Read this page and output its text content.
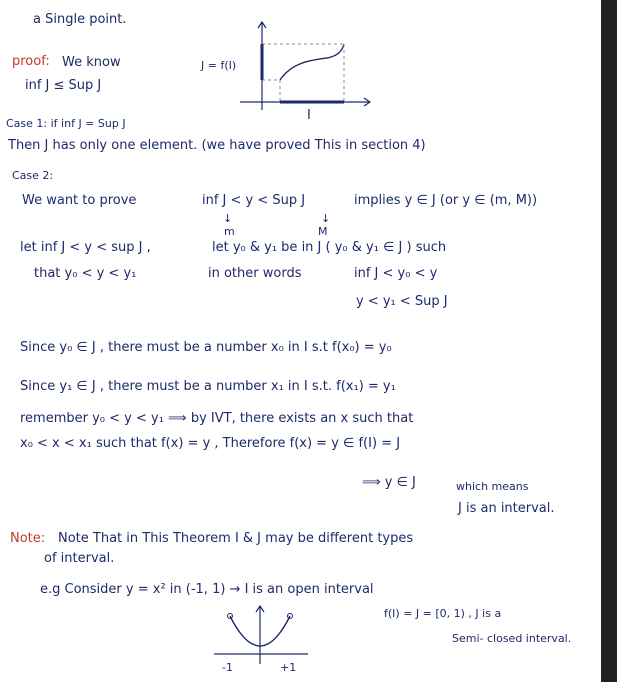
a Single point.
proof: We know
inf J ≤ Sup J
J = f(I)
I
Case 1: if inf J = Sup J
Then J has only one element. (we have proved This in section 4)
Case 2:
We want to prove	inf J < y < Sup J	implies y ∈ J (or y ∈ (m, M))
↓	↓
m	M
let inf J < y < sup J ,	let y₀ & y₁ be in J ( y₀ & y₁ ∈ J ) such
that y₀ < y < y₁	in other words	inf J < y₀ < y
y < y₁ < Sup J
Since y₀ ∈ J , there must be a number x₀ in I s.t f(x₀) = y₀
Since y₁ ∈ J , there must be a number x₁ in I s.t. f(x₁) = y₁
remember y₀ < y < y₁ ⟹ by IVT, there exists an x such that
x₀ < x < x₁ such that f(x) = y , Therefore f(x) = y ∈ f(I) = J
⟹ y ∈ J	which means
J is an interval.
Note: Note That in This Theorem I & J may be different types
of interval.
e.g Consider y = x² in (-1, 1) → I is an open interval
f(I) = J = [0, 1) , J is a
Semi- closed interval.
-1	+1
